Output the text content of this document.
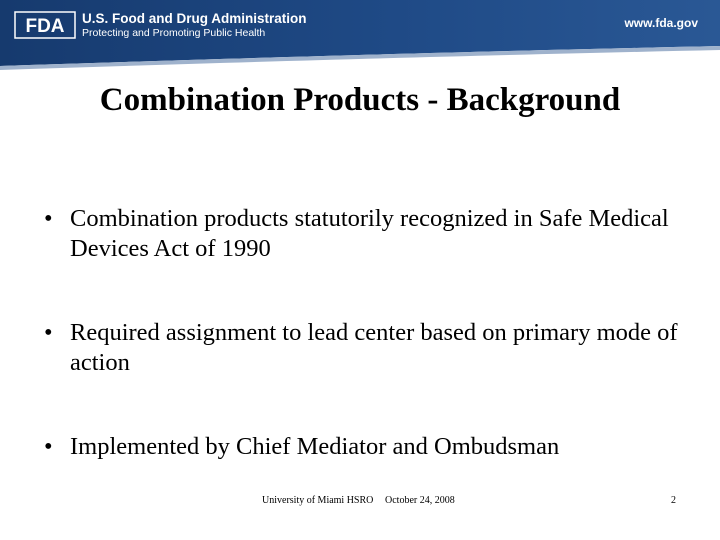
FDA U.S. Food and Drug Administration
Protecting and Promoting Public Health
www.fda.gov
Combination Products - Background
• Combination products statutorily recognized in Safe Medical Devices Act of 1990
• Required assignment to lead center based on primary mode of action
• Implemented by Chief Mediator and Ombudsman
University of Miami HSRO October 24, 2008	2
